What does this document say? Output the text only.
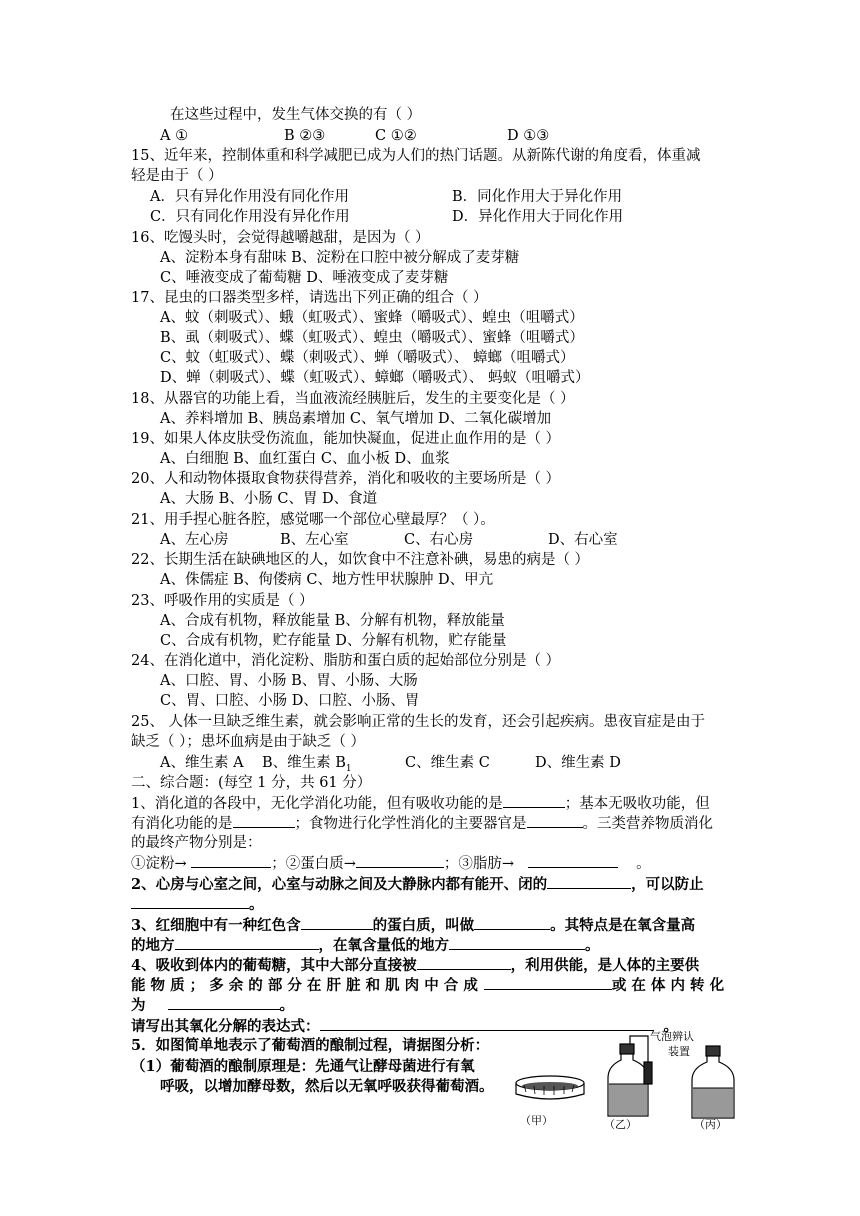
在这些过程中，发生气体交换的有（ ）
A ①	B ②③	C ①②	D ①③
15、近年来，控制体重和科学减肥已成为人们的热门话题。从新陈代谢的角度看，体重减
轻是由于（ ）
A．只有异化作用没有同化作用	B．同化作用大于异化作用
C．只有同化作用没有异化作用	D．异化作用大于同化作用
16、吃馒头时，会觉得越嚼越甜，是因为（ ）
A、淀粉本身有甜味 B、淀粉在口腔中被分解成了麦芽糖
C、唾液变成了葡萄糖 D、唾液变成了麦芽糖
17、昆虫的口器类型多样，请选出下列正确的组合（ ）
A、蚊（刺吸式）、蛾（虹吸式）、蜜蜂（嚼吸式）、蝗虫（咀嚼式）
B、虱（刺吸式）、蝶（虹吸式）、蝗虫（嚼吸式）、蜜蜂（咀嚼式）
C、蚊（虹吸式）、蝶（刺吸式）、蝉（嚼吸式）、 蟑螂（咀嚼式）
D、蝉（刺吸式）、蝶（虹吸式）、蟑螂（嚼吸式）、 蚂蚁（咀嚼式）
18、从器官的功能上看，当血液流经胰脏后，发生的主要变化是（ ）
A、养料增加 B、胰岛素增加 C、氧气增加 D、二氧化碳增加
19、如果人体皮肤受伤流血，能加快凝血，促进止血作用的是（ ）
A、白细胞 B、血红蛋白 C、血小板 D、血浆
20、人和动物体摄取食物获得营养，消化和吸收的主要场所是（ ）
A、大肠 B、小肠 C、胃 D、食道
21、用手捏心脏各腔，感觉哪一个部位心壁最厚？（ ）。
A、左心房	B、左心室	C、右心房	D、右心室
22、长期生活在缺碘地区的人，如饮食中不注意补碘，易患的病是（ ）
A、侏儒症 B、佝偻病 C、地方性甲状腺肿 D、甲亢
23、呼吸作用的实质是（ ）
A、合成有机物，释放能量 B、分解有机物，释放能量
C、合成有机物，贮存能量 D、分解有机物，贮存能量
24、在消化道中，消化淀粉、脂肪和蛋白质的起始部位分别是（ ）
A、口腔、胃、小肠 B、胃、小肠、大肠
C、胃、口腔、小肠 D、口腔、小肠、胃
25、 人体一旦缺乏维生素，就会影响正常的生长的发育，还会引起疾病。患夜盲症是由于
缺乏（ ）；患坏血病是由于缺乏（ ）
A、维生素 A B、维生素 $B_1$	C、维生素 C	D、维生素 D
二、综合题：(每空 1 分，共 61 分）
1、消化道的各段中，无化学消化功能，但有吸收功能的是	；基本无吸收功能，但
有消化功能的是	；食物进行化学性消化的主要器官是	。三类营养物质消化
的最终产物分别是：
①淀粉→	；②蛋白质→	；③脂肪→	。
2、心房与心室之间，心室与动脉之间及大静脉内都有能开、闭的	，可以防止
。
3、红细胞中有一种红色含	的蛋白质，叫做	。其特点是在氧含量高
的地方	，在氧含量低的地方	。
4、吸收到体内的葡萄糖，其中大部分直接被	，利用供能，是人体的主要供
能 物 质 ； 多 余 的 部 分 在 肝 脏 和 肌 肉 中 合 成	或 在 体 内 转 化
为	。
请写出其氧化分解的表达式：	。
5．如图简单地表示了葡萄酒的酿制过程，请据图分析：
（1）葡萄酒的酿制原理是：先通气让酵母菌进行有氧
呼吸，以增加酵母数，然后以无氧呼吸获得葡萄酒。
（甲）	（乙）
气泡辨认
装置
（丙）
